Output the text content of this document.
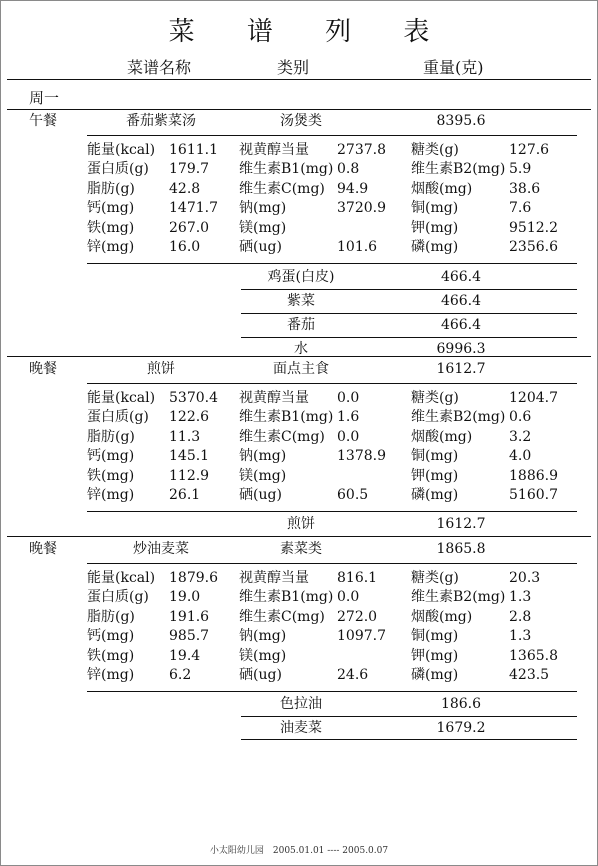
菜 谱 列 表
菜谱名称	类别	重量(克)
周一
午餐	番茄紫菜汤	汤煲类	8395.6
能量(kcal) 1611.1 视黄醇当量 2737.8 糖类(g)	127.6
蛋白质(g) 179.7 维生素B1(mg) 0.8	维生素B2(mg) 5.9
脂肪(g) 42.8	维生素C(mg) 94.9	烟酸(mg)	38.6
钙(mg) 1471.7 钠(mg)	3720.9 铜(mg)	7.6
铁(mg) 267.0 镁(mg)	钾(mg)	9512.2
锌(mg) 16.0	硒(ug)	101.6 磷(mg)	2356.6
鸡蛋(白皮)	466.4
紫菜	466.4
番茄	466.4
水	6996.3
晚餐	煎饼	面点主食	1612.7
能量(kcal) 5370.4 视黄醇当量 0.0	糖类(g)	1204.7
蛋白质(g) 122.6 维生素B1(mg) 1.6	维生素B2(mg) 0.6
脂肪(g) 11.3	维生素C(mg) 0.0	烟酸(mg)	3.2
钙(mg) 145.1 钠(mg)	1378.9 铜(mg)	4.0
铁(mg) 112.9 镁(mg)	钾(mg)	1886.9
锌(mg) 26.1	硒(ug)	60.5	磷(mg)	5160.7
煎饼	1612.7
晚餐	炒油麦菜	素菜类	1865.8
能量(kcal) 1879.6 视黄醇当量 816.1 糖类(g)	20.3
蛋白质(g) 19.0	维生素B1(mg) 0.0	维生素B2(mg) 1.3
脂肪(g) 191.6 维生素C(mg) 272.0 烟酸(mg)	2.8
钙(mg) 985.7 钠(mg)	1097.7 铜(mg)	1.3
铁(mg) 19.4	镁(mg)	钾(mg)	1365.8
锌(mg) 6.2	硒(ug)	24.6	磷(mg)	423.5
色拉油	186.6
油麦菜	1679.2
小太阳幼儿园　2005.01.01 ---- 2005.0.07
